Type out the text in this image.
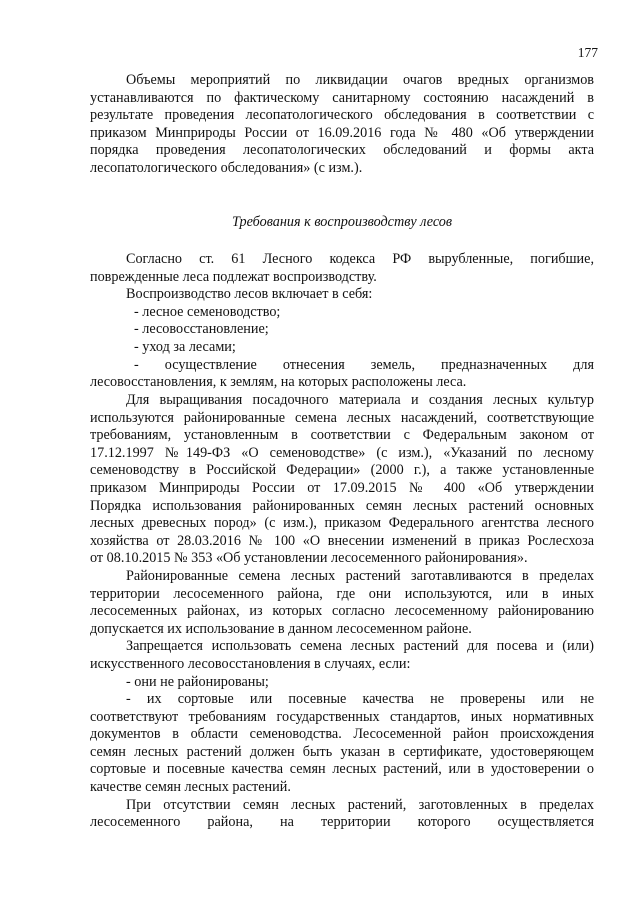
177
Объемы мероприятий по ликвидации очагов вредных организмов
устанавливаются по фактическому санитарному состоянию насаждений в
результате проведения лесопатологического обследования в соответствии с
приказом Минприроды России от 16.09.2016 года № 480 «Об утверждении
порядка проведения лесопатологических обследований и формы акта
лесопатологического обследования» (с изм.).
Требования к воспроизводству лесов
Согласно ст. 61 Лесного кодекса РФ вырубленные, погибшие,
поврежденные леса подлежат воспроизводству.
Воспроизводство лесов включает в себя:
- лесное семеноводство;
- лесовосстановление;
- уход за лесами;
- осуществление отнесения земель, предназначенных для
лесовосстановления, к землям, на которых расположены леса.
Для выращивания посадочного материала и создания лесных культур
используются районированные семена лесных насаждений, соответствующие
требованиям, установленным в соответствии с Федеральным законом от
17.12.1997 №149-ФЗ «О семеноводстве» (с изм.), «Указаний по лесному
семеноводству в Российской Федерации» (2000 г.), а также установленные
приказом Минприроды России от 17.09.2015 № 400 «Об утверждении
Порядка использования районированных семян лесных растений основных
лесных древесных пород» (с изм.), приказом Федерального агентства лесного
хозяйства от 28.03.2016 № 100 «О внесении изменений в приказ Рослесхоза
от 08.10.2015 № 353 «Об установлении лесосеменного районирования».
Районированные семена лесных растений заготавливаются в пределах
территории лесосеменного района, где они используются, или в иных
лесосеменных районах, из которых согласно лесосеменному районированию
допускается их использование в данном лесосеменном районе.
Запрещается использовать семена лесных растений для посева и (или)
искусственного лесовосстановления в случаях, если:
- они не районированы;
- их сортовые или посевные качества не проверены или не
соответствуют требованиям государственных стандартов, иных нормативных
документов в области семеноводства. Лесосеменной район происхождения
семян лесных растений должен быть указан в сертификате, удостоверяющем
сортовые и посевные качества семян лесных растений, или в удостоверении о
качестве семян лесных растений.
При отсутствии семян лесных растений, заготовленных в пределах
лесосеменного района, на территории которого осуществляется
